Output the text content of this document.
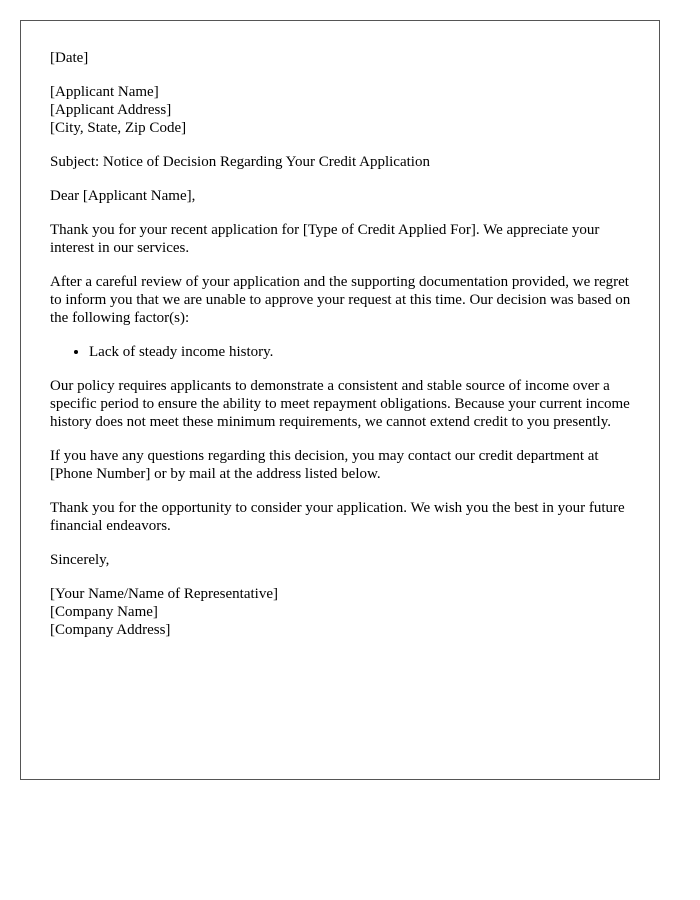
[Date]

[Applicant Name]
[Applicant Address]
[City, State, Zip Code]

Subject: Notice of Decision Regarding Your Credit Application

Dear [Applicant Name],

Thank you for your recent application for [Type of Credit Applied For]. We appreciate your interest in our services.

After a careful review of your application and the supporting documentation provided, we regret to inform you that we are unable to approve your request at this time. Our decision was based on the following factor(s):

• Lack of steady income history.

Our policy requires applicants to demonstrate a consistent and stable source of income over a specific period to ensure the ability to meet repayment obligations. Because your current income history does not meet these minimum requirements, we cannot extend credit to you presently.

If you have any questions regarding this decision, you may contact our credit department at [Phone Number] or by mail at the address listed below.

Thank you for the opportunity to consider your application. We wish you the best in your future financial endeavors.

Sincerely,

[Your Name/Name of Representative]
[Company Name]
[Company Address]
